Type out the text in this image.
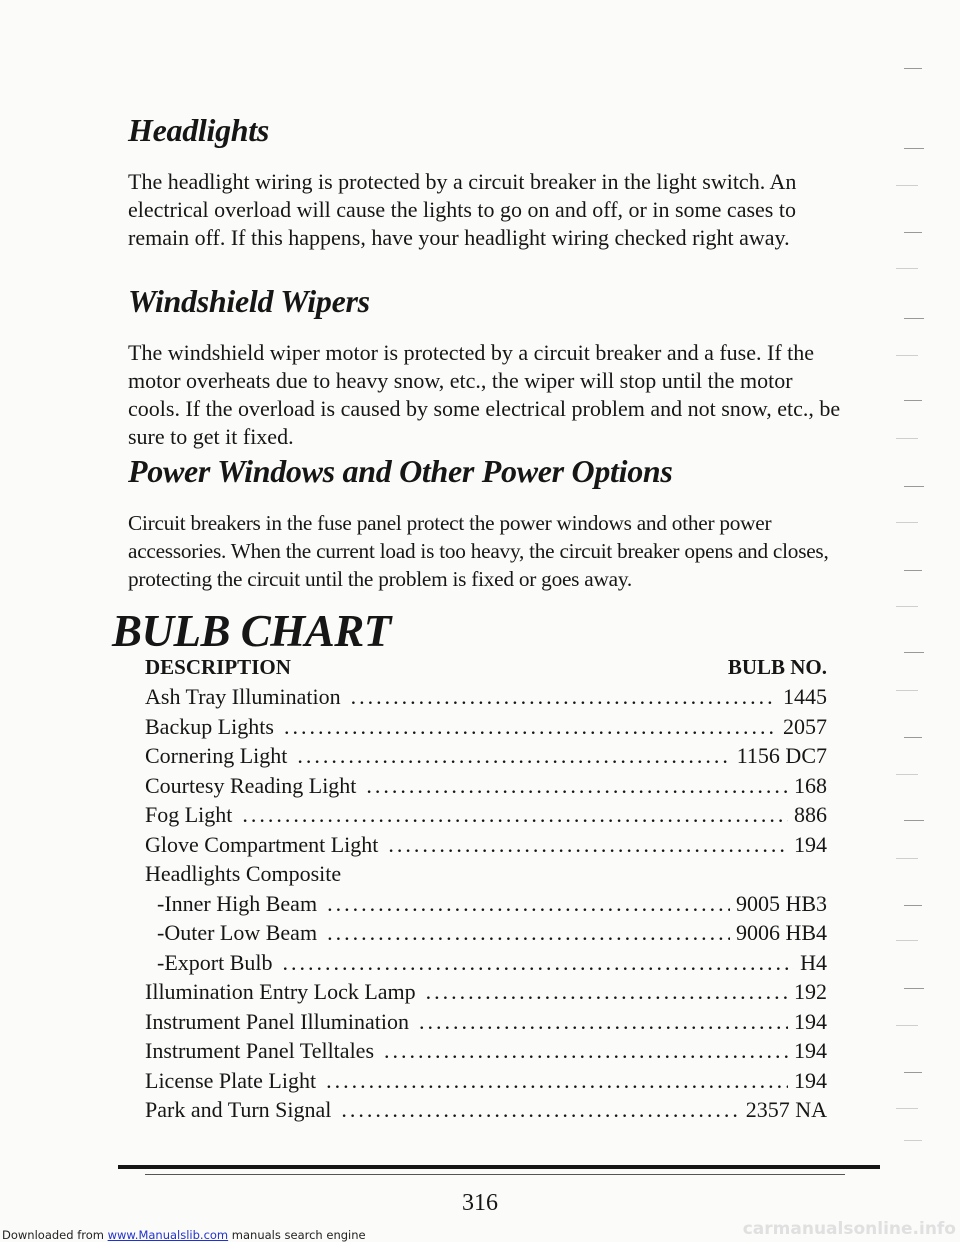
Headlights

The headlight wiring is protected by a circuit breaker in the light switch. An electrical overload will cause the lights to go on and off, or in some cases to remain off. If this happens, have your headlight wiring checked right away.

Windshield Wipers

The windshield wiper motor is protected by a circuit breaker and a fuse. If the motor overheats due to heavy snow, etc., the wiper will stop until the motor cools. If the overload is caused by some electrical problem and not snow, etc., be sure to get it fixed.

Power Windows and Other Power Options

Circuit breakers in the fuse panel protect the power windows and other power accessories. When the current load is too heavy, the circuit breaker opens and closes, protecting the circuit until the problem is fixed or goes away.

BULB CHART
DESCRIPTION	BULB NO.
Ash Tray Illumination .....	1445
Backup Lights .....	2057
Cornering Light .....	1156 DC7
Courtesy Reading Light .....	168
Fog Light .....	886
Glove Compartment Light .....	194
Headlights Composite
-Inner High Beam .....	9005 HB3
-Outer Low Beam .....	9006 HB4
-Export Bulb .....	H4
Illumination Entry Lock Lamp .....	192
Instrument Panel Illumination .....	194
Instrument Panel Telltales .....	194
License Plate Light .....	194
Park and Turn Signal .....	2357 NA
316
Downloaded from www.Manualslib.com manuals search engine	carmanualsonline.info
